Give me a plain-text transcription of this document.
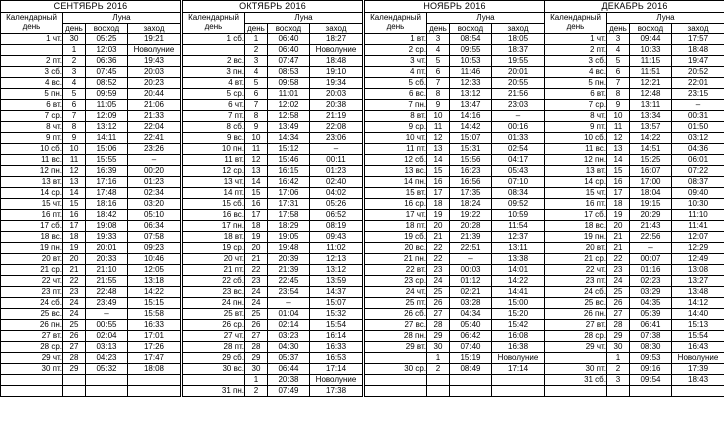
СЕНТЯБРЬ 2016			
Календарный день	Луна		
	день	восход	заход
1 чт.	30	05:25	19:21
	1	12:03	Новолуние
2 пт.	2	06:36	19:43
3 сб.	3	07:45	20:03
4 вс.	4	08:52	20:23
5 пн.	5	09:59	20:44
6 вт.	6	11:05	21:06
7 ср.	7	12:09	21:33
8 чт.	8	13:12	22:04
9 пт.	9	14:11	22:41
10 сб.	10	15:06	23:26
11 вс.	11	15:55	–
12 пн.	12	16:39	00:20
13 вт.	13	17:16	01:23
14 ср.	14	17:48	02:34
15 чт.	15	18:16	03:20
16 пт.	16	18:42	05:10
17 сб.	17	19:08	06:34
18 вс.	18	19:33	07:58
19 пн.	19	20:01	09:23
20 вт.	20	20:33	10:46
21 ср.	21	21:10	12:05
22 чт.	22	21:55	13:18
23 пт.	23	22:48	14:22
24 сб.	24	23:49	15:15
25 вс.	24	–	15:58
26 пн.	25	00:55	16:33
27 вт.	26	02:04	17:01
28 ср.	27	03:13	17:26
29 чт.	28	04:23	17:47
30 пт.	29	05:32	18:08

ОКТЯБРЬ 2016			
Календарный день	Луна		
	день	восход	заход
1 сб.	1	06:40	18:27
	2	06:40	Новолуние
2 вс.	3	07:47	18:48
3 пн.	4	08:53	19:10
4 вт.	5	09:58	19:34
5 ср.	6	11:01	20:03
6 чт.	7	12:02	20:38
7 пт.	8	12:58	21:19
8 сб.	9	13:49	22:08
9 вс.	10	14:34	23:06
10 пн.	11	15:12	–
11 вт.	12	15:46	00:11
12 ср.	13	16:15	01:23
13 чт.	14	16:42	02:40
14 пт.	15	17:06	04:02
15 сб.	16	17:31	05:26
16 вс.	17	17:58	06:52
17 пн.	18	18:29	08:19
18 вт.	19	19:05	09:43
19 ср.	20	19:48	11:02
20 чт.	21	20:39	12:13
21 пт.	22	21:39	13:12
22 сб.	23	22:45	13:59
23 вс.	24	23:54	14:37
24 пн.	24	–	15:07
25 вт.	25	01:04	15:32
26 ср.	26	02:14	15:54
27 чт.	27	03:23	16:14
28 пт.	28	04:30	16:33
29 сб.	29	05:37	16:53
30 вс.	30	06:44	17:14
	1	20:38	Новолуние
31 пн.	2	07:49	17:38
НОЯБРЬ 2016			
Календарный день	Луна		
	день	восход	заход
1 вт.	3	08:54	18:05
2 ср.	4	09:55	18:37
3 чт.	5	10:53	19:55
4 пт.	6	11:46	20:01
5 сб.	7	12:33	20:55
6 вс.	8	13:12	21:56
7 пн.	9	13:47	23:03
8 вт.	10	14:16	–
9 ср.	11	14:42	00:16
10 чт.	12	15:07	01:33
11 пт.	13	15:31	02:54
12 сб.	14	15:56	04:17
13 вс.	15	16:23	05:43
14 пн.	16	16:56	07:10
15 вт.	17	17:35	08:34
16 ср.	18	18:24	09:52
17 чт.	19	19:22	10:59
18 пт.	20	20:28	11:54
19 сб.	21	21:39	12:37
20 вс.	22	22:51	13:11
21 пн.	22	–	13:38
22 вт.	23	00:03	14:01
23 ср.	24	01:12	14:22
24 чт.	25	02:21	14:41
25 пт.	26	03:28	15:00
26 сб.	27	04:34	15:20
27 вс.	28	05:40	15:42
28 пн.	29	06:42	16:08
29 вт.	30	07:40	16:38
	1	15:19	Новолуние
30 ср.	2	08:49	17:14

ДЕКАБРЬ 2016			
Календарный день	Луна		
	день	восход	заход
1 чт.	3	09:44	17:57
2 пт.	4	10:33	18:48
3 сб.	5	11:15	19:47
4 вс.	6	11:51	20:52
5 пн.	7	12:21	22:01
6 вт.	8	12:48	23:15
7 ср.	9	13:11	–
8 чт.	10	13:34	00:31
9 пт.	11	13:57	01:50
10 сб.	12	14:22	03:12
11 вс.	13	14:51	04:36
12 пн.	14	15:25	06:01
13 вт.	15	16:07	07:22
14 ср.	16	17:00	08:37
15 чт.	17	18:04	09:40
16 пт.	18	19:15	10:30
17 сб.	19	20:29	11:10
18 вс.	20	21:43	11:41
19 пн.	21	22:56	12:07
20 вт.	21	–	12:29
21 ср.	22	00:07	12:49
22 чт.	23	01:16	13:08
23 пт.	24	02:23	13:27
24 сб.	25	03:29	13:48
25 вс.	26	04:35	14:12
26 пн.	27	05:39	14:40
27 вт.	28	06:41	15:13
28 ср.	29	07:38	15:54
29 чт.	30	08:30	16:43
	1	09:53	Новолуние
30 пт.	2	09:16	17:39
31 сб.	3	09:54	18:43
